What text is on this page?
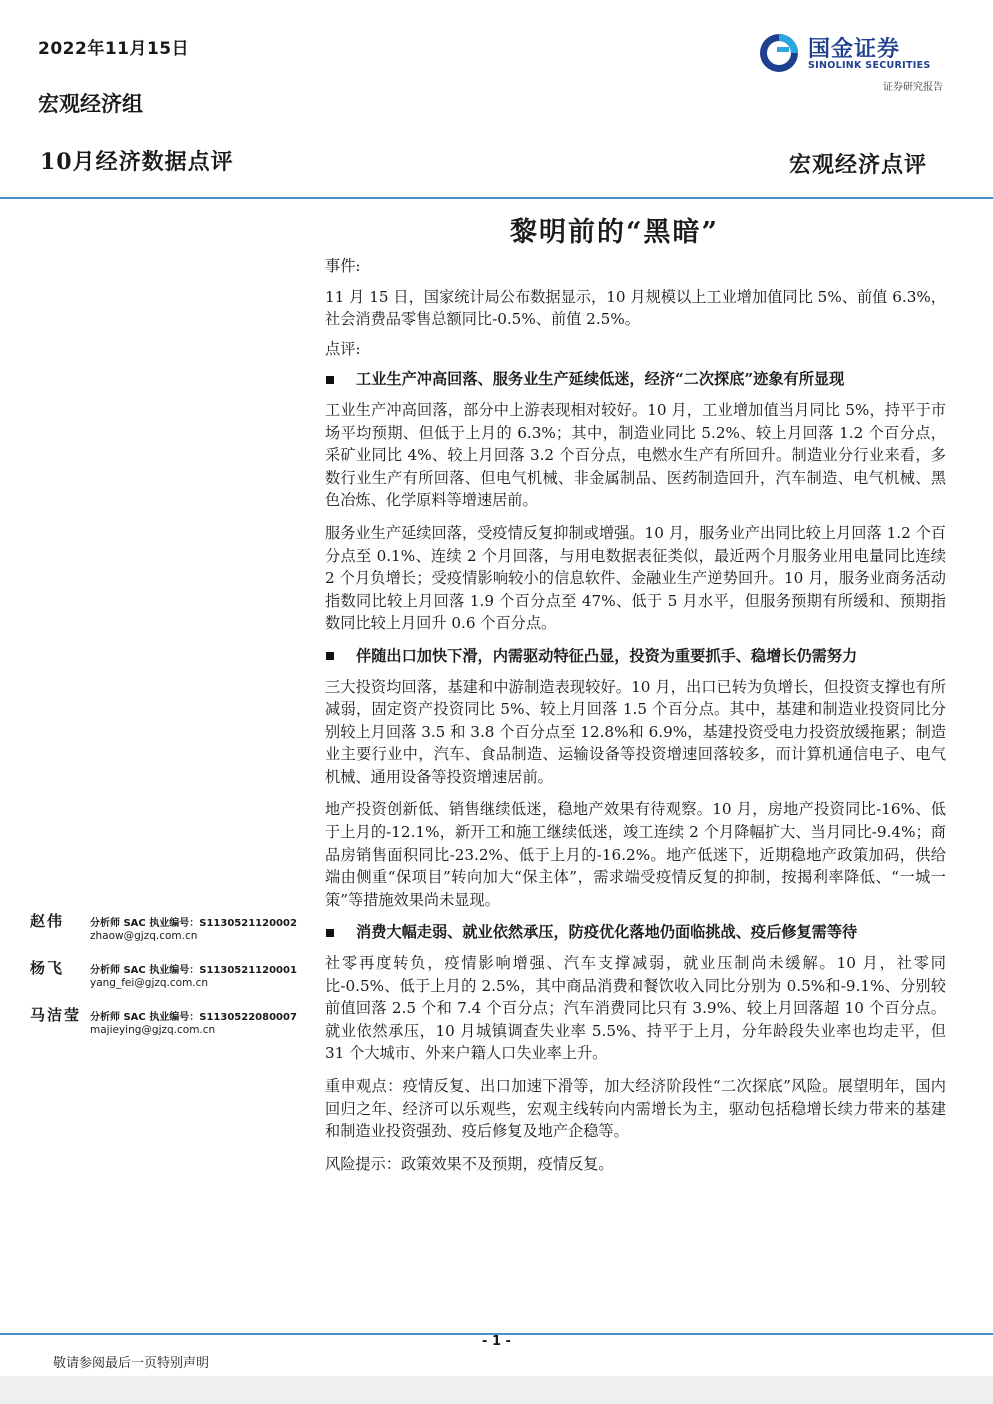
2022年11月15日
宏观经济组
10月经济数据点评	宏观经济点评
国金证券
SINOLINK SECURITIES
证券研究报告
黎明前的“黑暗”

事件:

11 月 15 日，国家统计局公布数据显示，10 月规模以上工业增加值同比 5%、前值 6.3%，社会消费品零售总额同比-0.5%、前值 2.5%。

点评:

工业生产冲高回落、服务业生产延续低迷，经济“二次探底”迹象有所显现

工业生产冲高回落，部分中上游表现相对较好。10 月，工业增加值当月同比 5%，持平于市场平均预期、但低于上月的 6.3%；其中，制造业同比 5.2%、较上月回落 1.2 个百分点，采矿业同比 4%、较上月回落 3.2 个百分点，电燃水生产有所回升。制造业分行业来看，多数行业生产有所回落、但电气机械、非金属制品、医药制造回升，汽车制造、电气机械、黑色冶炼、化学原料等增速居前。

服务业生产延续回落，受疫情反复抑制或增强。10 月，服务业产出同比较上月回落 1.2 个百分点至 0.1%、连续 2 个月回落，与用电数据表征类似，最近两个月服务业用电量同比连续 2 个月负增长；受疫情影响较小的信息软件、金融业生产逆势回升。10 月，服务业商务活动指数同比较上月回落 1.9 个百分点至 47%、低于 5 月水平，但服务预期有所缓和、预期指数同比较上月回升 0.6 个百分点。

伴随出口加快下滑，内需驱动特征凸显，投资为重要抓手、稳增长仍需努力

三大投资均回落，基建和中游制造表现较好。10 月，出口已转为负增长，但投资支撑也有所减弱，固定资产投资同比 5%、较上月回落 1.5 个百分点。其中，基建和制造业投资同比分别较上月回落 3.5 和 3.8 个百分点至 12.8%和 6.9%，基建投资受电力投资放缓拖累；制造业主要行业中，汽车、食品制造、运输设备等投资增速回落较多，而计算机通信电子、电气机械、通用设备等投资增速居前。

地产投资创新低、销售继续低迷，稳地产效果有待观察。10 月，房地产投资同比-16%、低于上月的-12.1%，新开工和施工继续低迷，竣工连续 2 个月降幅扩大、当月同比-9.4%；商品房销售面积同比-23.2%、低于上月的-16.2%。地产低迷下，近期稳地产政策加码，供给端由侧重“保项目”转向加大“保主体”，需求端受疫情反复的抑制，按揭利率降低、“一城一策”等措施效果尚未显现。

消费大幅走弱、就业依然承压，防疫优化落地仍面临挑战、疫后修复需等待

社零再度转负，疫情影响增强、汽车支撑减弱，就业压制尚未缓解。10 月，社零同比-0.5%、低于上月的 2.5%，其中商品消费和餐饮收入同比分别为 0.5%和-9.1%、分别较前值回落 2.5 个和 7.4 个百分点；汽车消费同比只有 3.9%、较上月回落超 10 个百分点。就业依然承压，10 月城镇调查失业率 5.5%、持平于上月，分年龄段失业率也均走平，但 31 个大城市、外来户籍人口失业率上升。

重申观点：疫情反复、出口加速下滑等，加大经济阶段性“二次探底”风险。展望明年，国内回归之年、经济可以乐观些，宏观主线转向内需增长为主，驱动包括稳增长续力带来的基建和制造业投资强劲、疫后修复及地产企稳等。

风险提示：政策效果不及预期，疫情反复。

赵伟	分析师 SAC 执业编号：S1130521120002
zhaow@gjzq.com.cn
杨飞	分析师 SAC 执业编号：S1130521120001
yang_fei@gjzq.com.cn
马洁莹 分析师 SAC 执业编号：S1130522080007
majieying@gjzq.com.cn
- 1 -
敬请参阅最后一页特别声明
